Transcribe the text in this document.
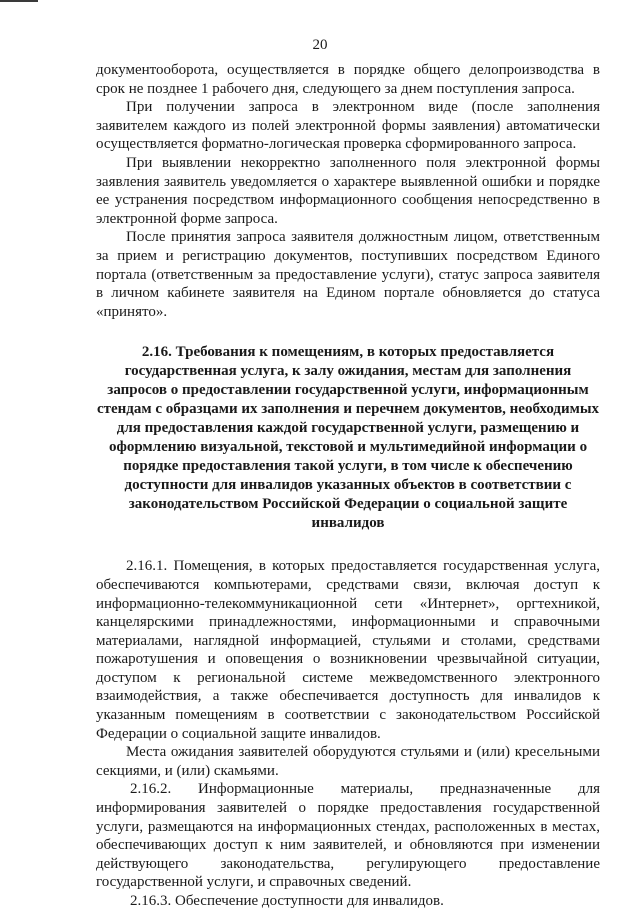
20

документооборота, осуществляется в порядке общего делопроизводства в срок не позднее 1 рабочего дня, следующего за днем поступления запроса.

При получении запроса в электронном виде (после заполнения заявителем каждого из полей электронной формы заявления) автоматически осуществляется форматно-логическая проверка сформированного запроса.

При выявлении некорректно заполненного поля электронной формы заявления заявитель уведомляется о характере выявленной ошибки и порядке ее устранения посредством информационного сообщения непосредственно в электронной форме запроса.

После принятия запроса заявителя должностным лицом, ответственным за прием и регистрацию документов, поступивших посредством Единого портала (ответственным за предоставление услуги), статус запроса заявителя в личном кабинете заявителя на Едином портале обновляется до статуса «принято».

2.16. Требования к помещениям, в которых предоставляется государственная услуга, к залу ожидания, местам для заполнения запросов о предоставлении государственной услуги, информационным стендам с образцами их заполнения и перечнем документов, необходимых для предоставления каждой государственной услуги, размещению и оформлению визуальной, текстовой и мультимедийной информации о порядке предоставления такой услуги, в том числе к обеспечению доступности для инвалидов указанных объектов в соответствии с законодательством Российской Федерации о социальной защите инвалидов

2.16.1. Помещения, в которых предоставляется государственная услуга, обеспечиваются компьютерами, средствами связи, включая доступ к информационно-телекоммуникационной сети «Интернет», оргтехникой, канцелярскими принадлежностями, информационными и справочными материалами, наглядной информацией, стульями и столами, средствами пожаротушения и оповещения о возникновении чрезвычайной ситуации, доступом к региональной системе межведомственного электронного взаимодействия, а также обеспечивается доступность для инвалидов к указанным помещениям в соответствии с законодательством Российской Федерации о социальной защите инвалидов.

Места ожидания заявителей оборудуются стульями и (или) кресельными секциями, и (или) скамьями.

2.16.2. Информационные материалы, предназначенные для информирования заявителей о порядке предоставления государственной услуги, размещаются на информационных стендах, расположенных в местах, обеспечивающих доступ к ним заявителей, и обновляются при изменении действующего законодательства, регулирующего предоставление государственной услуги, и справочных сведений.

2.16.3. Обеспечение доступности для инвалидов.
